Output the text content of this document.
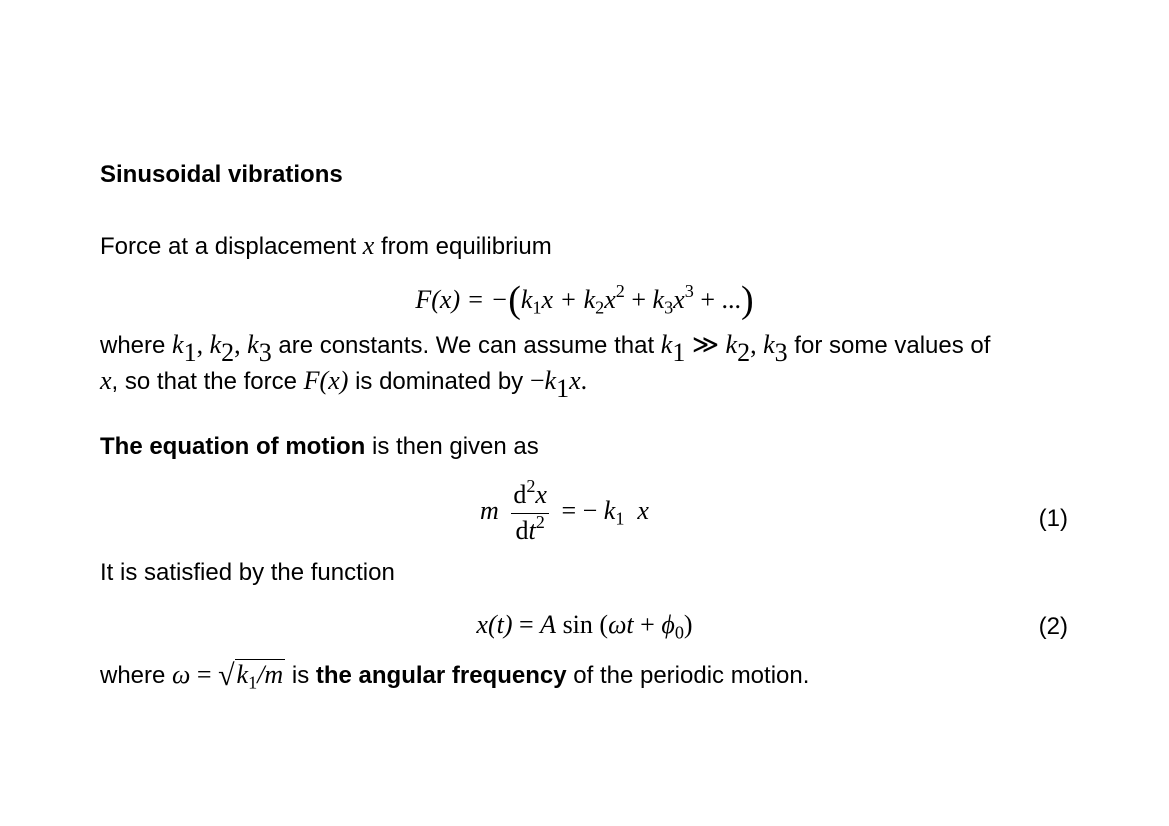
Sinusoidal vibrations
Force at a displacement x from equilibrium
$F(x) = -(k_1x + k_2x^2 + k_3x^3$ + ...)
where $k_1$, $k_2$, $k_3$ are constants. We can assume that $k_1$ ≫ $k_2$, $k_3$ for some values of
x, so that the force F(x) is dominated by $-k_1x$.
The equation of motion is then given as
m $\frac{d^2x}{dt^2}$ = − $k_1$ x	(1)
It is satisfied by the function
x(t) = A $\sin (\omega t + \phi_0)$	(2)
where $\omega = √k_1/m$ is the angular frequency of the periodic motion.
